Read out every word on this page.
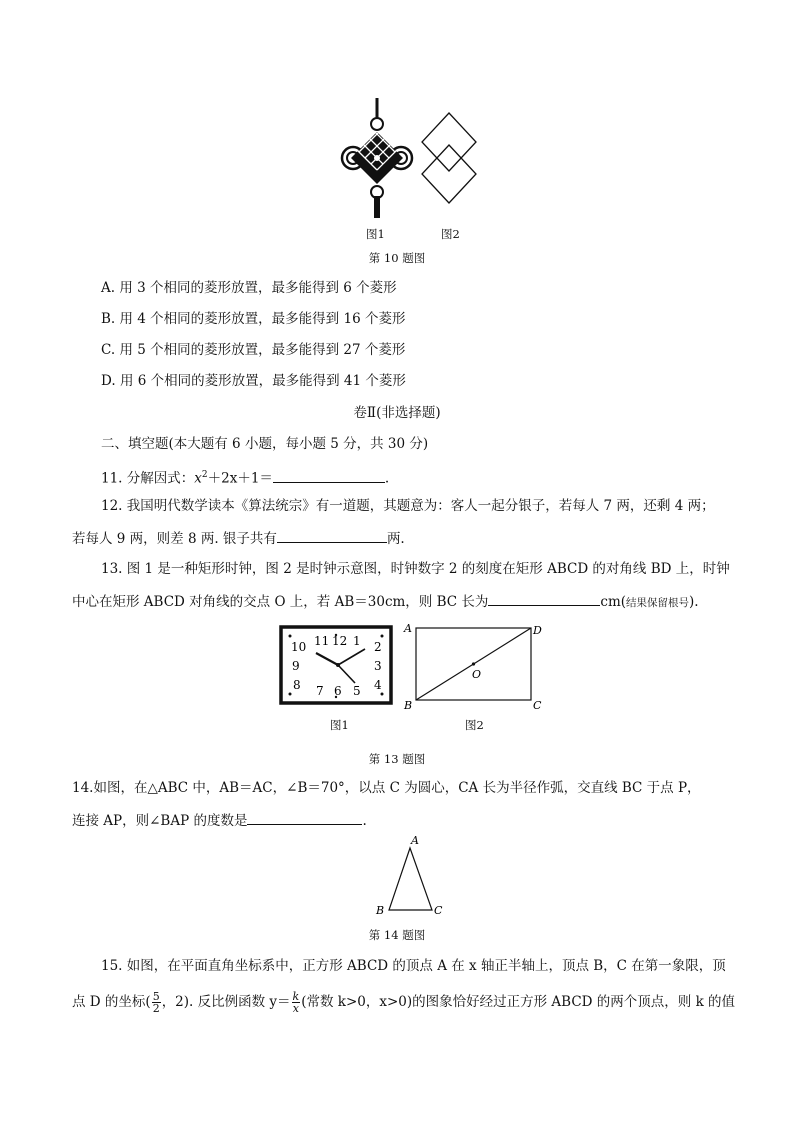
图1	图2
第 10 题图
A. 用 3 个相同的菱形放置，最多能得到 6 个菱形
B. 用 4 个相同的菱形放置，最多能得到 16 个菱形
C. 用 5 个相同的菱形放置，最多能得到 27 个菱形
D. 用 6 个相同的菱形放置，最多能得到 41 个菱形
卷Ⅱ(非选择题)
二、填空题(本大题有 6 小题，每小题 5 分，共 30 分)
11. 分解因式：$x^2+2x+1=$	.
12. 我国明代数学读本《算法统宗》有一道题，其题意为：客人一起分银子，若每人 7 两，还剩 4 两；
若每人 9 两，则差 8 两. 银子共有	两.
13. 图 1 是一种矩形时钟，图 2 是时钟示意图，时钟数字 2 的刻度在矩形 ABCD 的对角线 BD 上，时钟
中心在矩形 ABCD 对角线的交点 O 上，若 AB＝30cm，则 BC 长为	cm(结果保留根号).
10 11 12 1 2
9	3
8 7 6 5 4
A	D
B	C
O
图1	图2
第 13 题图
14.如图，在△ABC 中，AB＝AC，∠B＝70°，以点 C 为圆心，CA 长为半径作弧，交直线 BC 于点 P，
连接 AP，则∠BAP 的度数是	.
A
B	C
第 14 题图
15. 如图，在平面直角坐标系中，正方形 ABCD 的顶点 A 在 x 轴正半轴上，顶点 B，C 在第一象限，顶
点 D 的坐标( $\frac{5}{2}$ ，2). 反比例函数 $y= \frac{k}{x}$ (常数 k>0，x>0)的图象恰好经过正方形 ABCD 的两个顶点，则 k 的值
